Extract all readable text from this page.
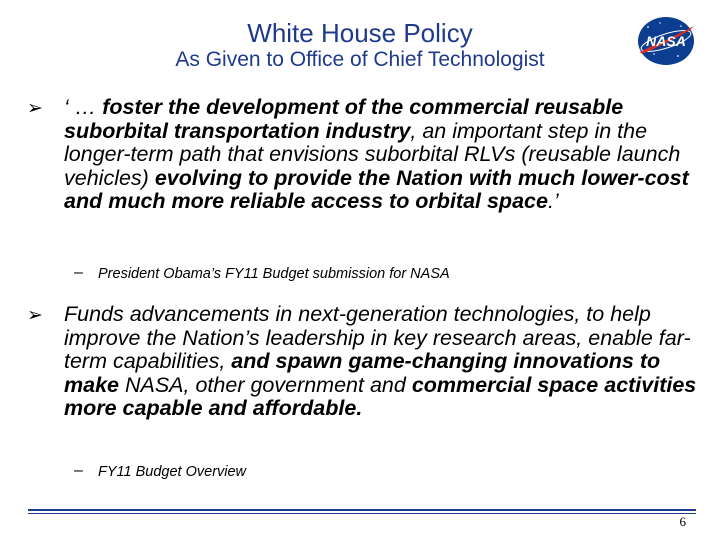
White House Policy
As Given to Office of Chief Technologist
NASA
➢ ‘ … foster the development of the commercial reusable suborbital transportation industry, an important step in the longer-term path that envisions suborbital RLVs (reusable launch vehicles) evolving to provide the Nation with much lower-cost and much more reliable access to orbital space.’
– President Obama’s FY11 Budget submission for NASA
➢ Funds advancements in next-generation technologies, to help improve the Nation’s leadership in key research areas, enable far-term capabilities, and spawn game-changing innovations to make NASA, other government and commercial space activities more capable and affordable.
– FY11 Budget Overview
6
